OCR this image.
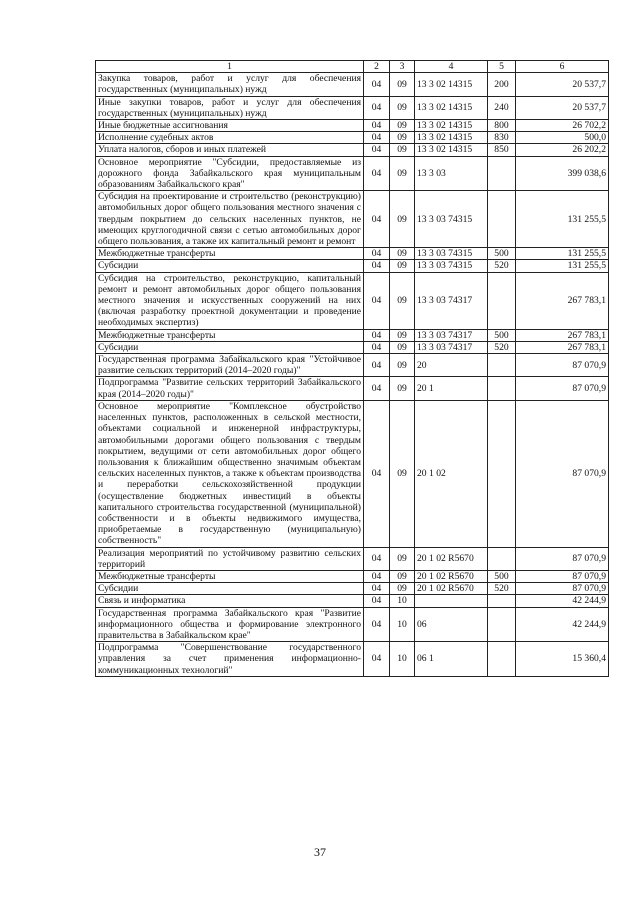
1	2	3	4	5	6
Закупка товаров, работ и услуг для обеспечения государственных (муниципальных) нужд	04	09	13 3 02 14315	200	20 537,7
Иные закупки товаров, работ и услуг для обеспечения государственных (муниципальных) нужд	04	09	13 3 02 14315	240	20 537,7
Иные бюджетные ассигнования	04	09	13 3 02 14315	800	26 702,2
Исполнение судебных актов	04	09	13 3 02 14315	830	500,0
Уплата налогов, сборов и иных платежей	04	09	13 3 02 14315	850	26 202,2
Основное мероприятие "Субсидии, предоставляемые из дорожного фонда Забайкальского края муниципальным образованиям Забайкальского края"	04	09	13 3 03		399 038,6
Субсидия на проектирование и строительство (реконструкцию) автомобильных дорог общего пользования местного значения с твердым покрытием до сельских населенных пунктов, не имеющих круглогодичной связи с сетью автомобильных дорог общего пользования, а также их капитальный ремонт и ремонт	04	09	13 3 03 74315		131 255,5
Межбюджетные трансферты	04	09	13 3 03 74315	500	131 255,5
Субсидии	04	09	13 3 03 74315	520	131 255,5
Субсидия на строительство, реконструкцию, капитальный ремонт и ремонт автомобильных дорог общего пользования местного значения и искусственных сооружений на них (включая разработку проектной документации и проведение необходимых экспертиз)	04	09	13 3 03 74317		267 783,1
Межбюджетные трансферты	04	09	13 3 03 74317	500	267 783,1
Субсидии	04	09	13 3 03 74317	520	267 783,1
Государственная программа Забайкальского края "Устойчивое развитие сельских территорий (2014–2020 годы)"	04	09	20		87 070,9
Подпрограмма "Развитие сельских территорий Забайкальского края (2014–2020 годы)"	04	09	20 1		87 070,9
Основное мероприятие "Комплексное обустройство населенных пунктов, расположенных в сельской местности, объектами социальной и инженерной инфраструктуры, автомобильными дорогами общего пользования с твердым покрытием, ведущими от сети автомобильных дорог общего пользования к ближайшим общественно значимым объектам сельских населенных пунктов, а также к объектам производства и переработки сельскохозяйственной продукции (осуществление бюджетных инвестиций в объекты капитального строительства государственной (муниципальной) собственности и в объекты недвижимого имущества, приобретаемые в государственную (муниципальную) собственность"	04	09	20 1 02		87 070,9
Реализация мероприятий по устойчивому развитию сельских территорий	04	09	20 1 02 R5670		87 070,9
Межбюджетные трансферты	04	09	20 1 02 R5670	500	87 070,9
Субсидии	04	09	20 1 02 R5670	520	87 070,9
Связь и информатика	04	10			42 244,9
Государственная программа Забайкальского края "Развитие информационного общества и формирование электронного правительства в Забайкальском крае"	04	10	06		42 244,9
Подпрограмма "Совершенствование государственного управления за счет применения информационно-коммуникационных технологий"	04	10	06 1		15 360,4
37
